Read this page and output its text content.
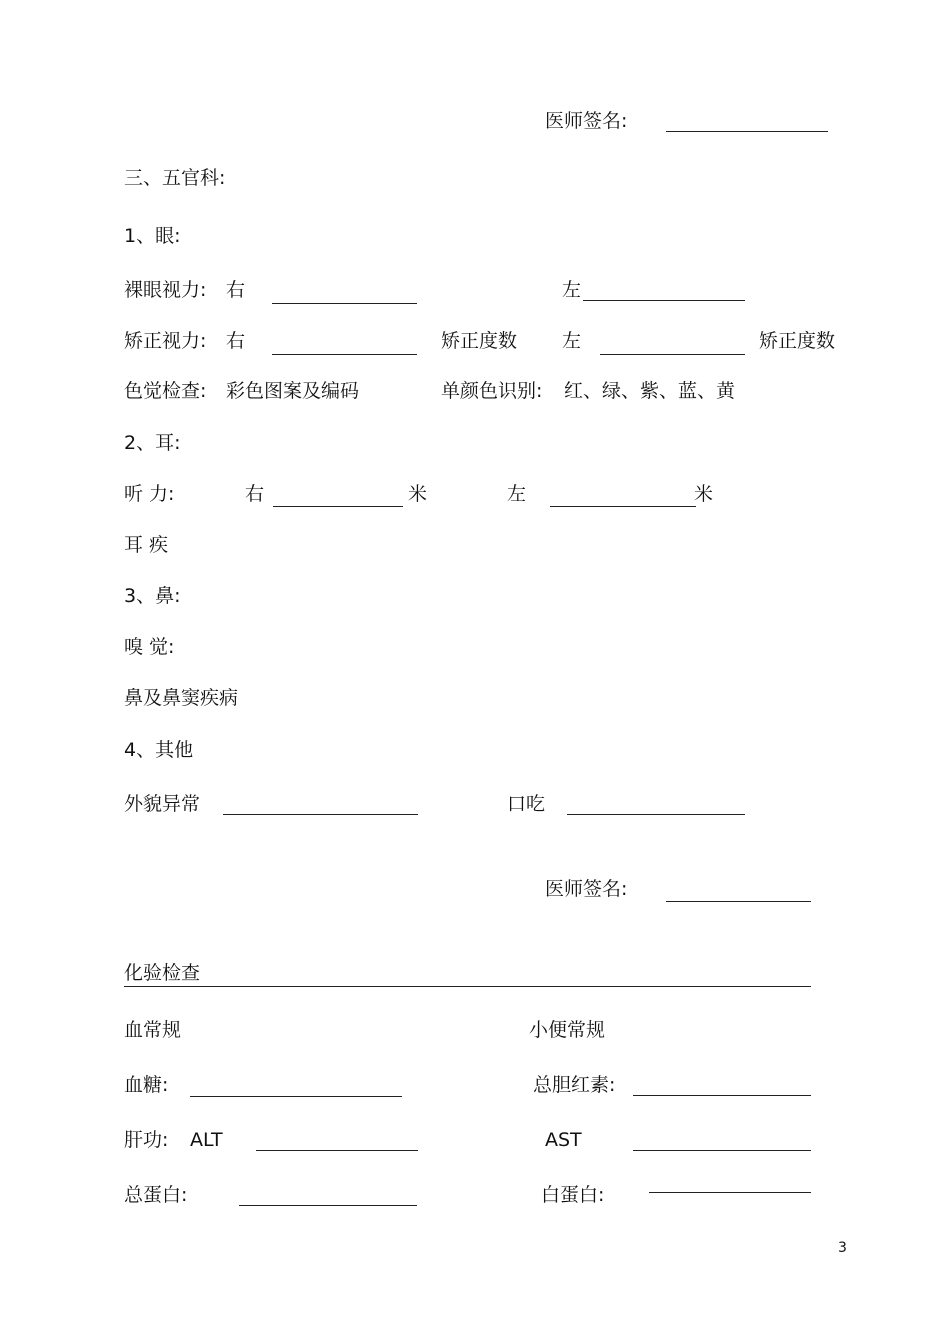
医师签名:
三、五官科:
1、眼:
裸眼视力: 右	左
矫正视力: 右	矫正度数 左	矫正度数
色觉检查: 彩色图案及编码	单颜色识别: 红、绿、紫、蓝、黄
2、耳:
听 力:	右	米	左	米
耳 疾
3、鼻:
嗅 觉:
鼻及鼻窦疾病
4、其他
外貌异常	口吃
医师签名:
化验检查
血常规	小便常规
血糖:	总胆红素:
肝功: ALT	AST
总蛋白:	白蛋白:
3
